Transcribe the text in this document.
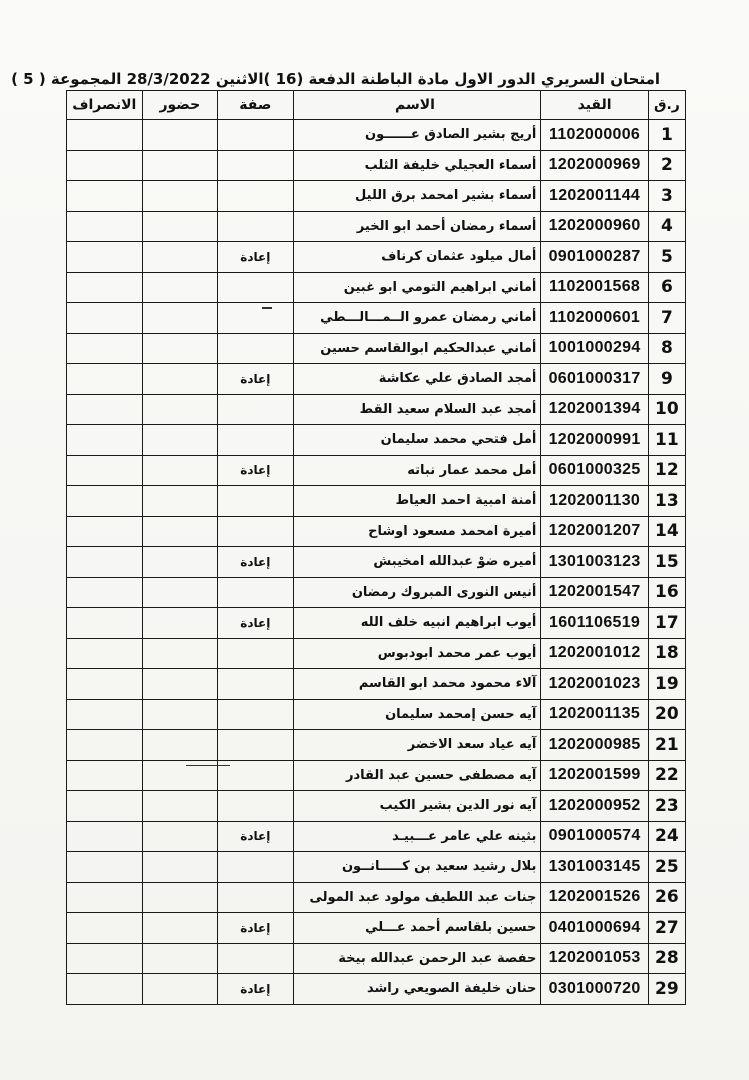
امتحان السريري الدور الاول مادة الباطنة الدفعة (16 )الاثنين 28/3/2022 المجموعة ( 5 )
ر.ق	القيد	الاسم	صفة	حضور	الانصراف
1	1102000006	أريج بشير الصادق عــــــون			
2	1202000969	أسماء العجيلي خليفة الثلب			
3	1202001144	أسماء بشير امحمد برق الليل			
4	1202000960	أسماء رمضان أحمد ابو الخير			
5	0901000287	أمال ميلود عثمان كرناف	إعادة		
6	1102001568	أماني ابراهيم التومي ابو غبين			
7	1102000601	أماني رمضان عمرو الــمـــالـــطي			
8	1001000294	أماني عبدالحكيم ابوالقاسم حسين			
9	0601000317	أمجد الصادق علي عكاشة	إعادة		
10	1202001394	أمجد عبد السلام سعيد القط			
11	1202000991	أمل فتحي محمد سليمان			
12	0601000325	أمل محمد عمار نباته	إعادة		
13	1202001130	أمنة امبية احمد العياط			
14	1202001207	أميرة امحمد مسعود اوشاح			
15	1301003123	أميره ضوْ عبدالله امخيبش	إعادة		
16	1202001547	أنيس النورى المبروك رمضان			
17	1601106519	أيوب ابراهيم انبيه خلف الله	إعادة		
18	1202001012	أيوب عمر محمد ابودبوس			
19	1202001023	آلاء محمود محمد ابو القاسم			
20	1202001135	آيه حسن إمحمد سليمان			
21	1202000985	آيه عياد سعد الاخضر			
22	1202001599	آيه مصطفى حسين عبد القادر			
23	1202000952	آيه نور الدين بشير الكيب			
24	0901000574	بثينه علي عامر عـــبيـد	إعادة		
25	1301003145	بلال رشيد سعيد بن كـــــانــون			
26	1202001526	جنات عبد اللطيف مولود عبد المولى			
27	0401000694	حسين بلقاسم أحمد عـــلي	إعادة		
28	1202001053	حفصة عبد الرحمن عبدالله بيخة			
29	0301000720	حنان خليفة الصويعي راشد	إعادة		
